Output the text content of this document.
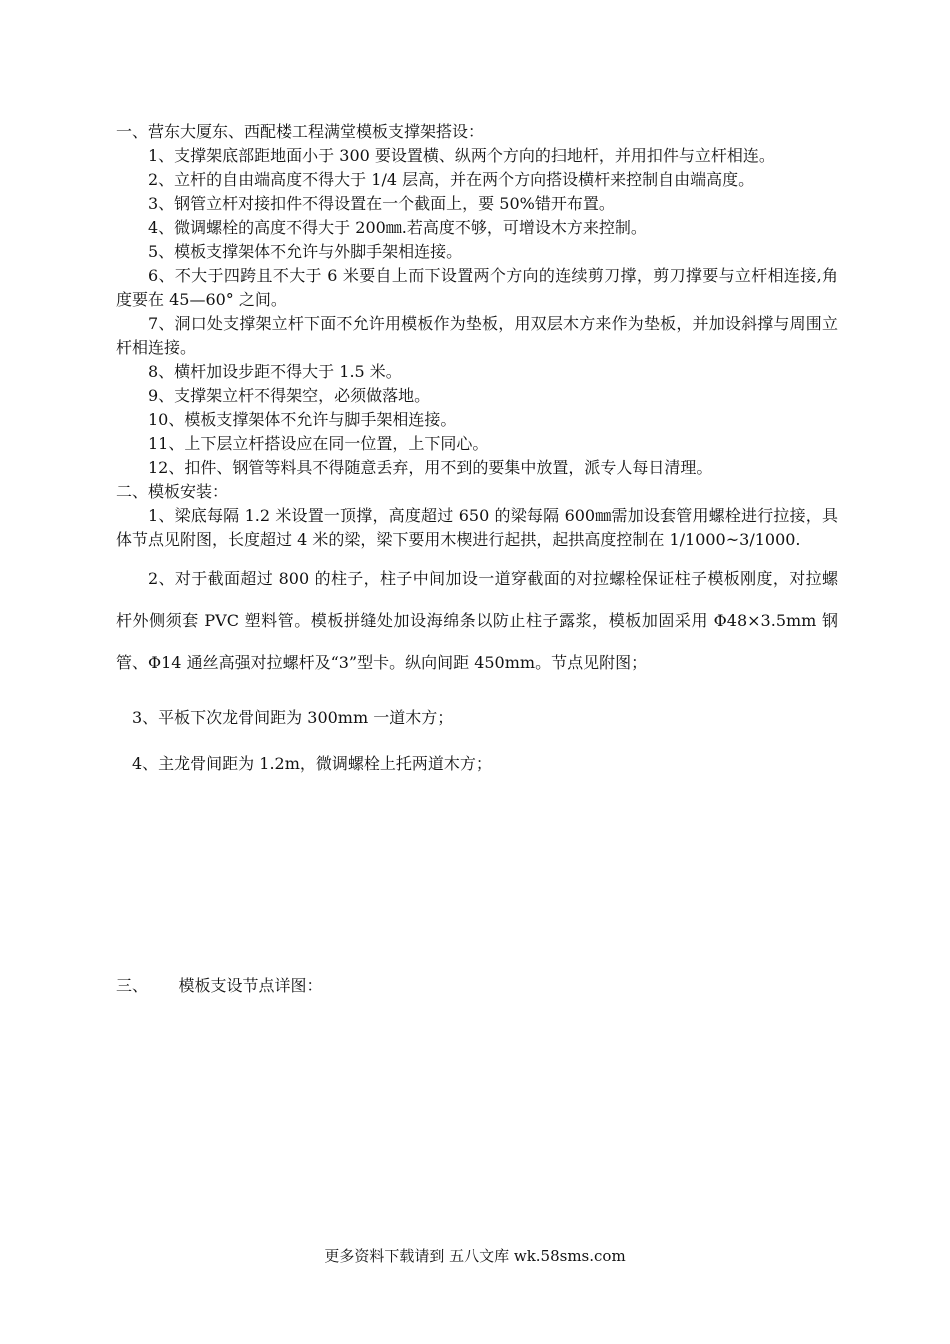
一、营东大厦东、西配楼工程满堂模板支撑架搭设：

1、支撑架底部距地面小于 300 要设置横、纵两个方向的扫地杆，并用扣件与立杆相连。

2、立杆的自由端高度不得大于 1/4 层高，并在两个方向搭设横杆来控制自由端高度。

3、钢管立杆对接扣件不得设置在一个截面上，要 50%错开布置。

4、微调螺栓的高度不得大于 200㎜.若高度不够，可增设木方来控制。

5、模板支撑架体不允许与外脚手架相连接。

6、不大于四跨且不大于 6 米要自上而下设置两个方向的连续剪刀撑，剪刀撑要与立杆相连接,角度要在 45—60° 之间。

7、洞口处支撑架立杆下面不允许用模板作为垫板，用双层木方来作为垫板，并加设斜撑与周围立杆相连接。

8、横杆加设步距不得大于 1.5 米。

9、支撑架立杆不得架空，必须做落地。

10、模板支撑架体不允许与脚手架相连接。

11、上下层立杆搭设应在同一位置，上下同心。

12、扣件、钢管等料具不得随意丢弃，用不到的要集中放置，派专人每日清理。

二、模板安装：

1、梁底每隔 1.2 米设置一顶撑，高度超过 650 的梁每隔 600㎜需加设套管用螺栓进行拉接，具体节点见附图，长度超过 4 米的梁，梁下要用木楔进行起拱，起拱高度控制在 1/1000~3/1000.

2、对于截面超过 800 的柱子，柱子中间加设一道穿截面的对拉螺栓保证柱子模板刚度，对拉螺杆外侧须套 PVC 塑料管。模板拼缝处加设海绵条以防止柱子露浆，模板加固采用 Φ48×3.5mm 钢管、Φ14 通丝高强对拉螺杆及“3”型卡。纵向间距 450mm。节点见附图；

3、平板下次龙骨间距为 300mm 一道木方；

4、主龙骨间距为 1.2m，微调螺栓上托两道木方；

三、      模板支设节点详图：
更多资料下载请到 五八文库 wk.58sms.com
